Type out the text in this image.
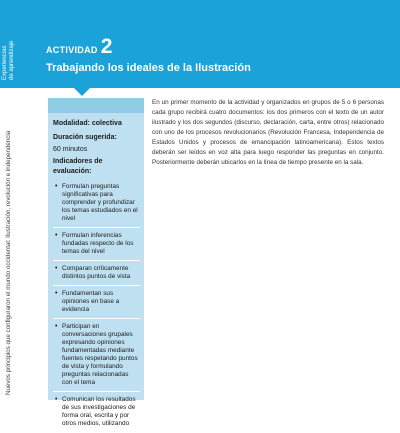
Experiencias de aprendizaje
Nuevos principios que configuraron el mundo occidental: Ilustración, revolución e independencia
ACTIVIDAD 2
Trabajando los ideales de la Ilustración
Modalidad: colectiva
Duración sugerida:
60 minutos
Indicadores de evaluación:
• Formulan preguntas significativas para comprender y profundizar los temas estudiados en el nivel
• Formulan inferencias fundadas respecto de los temas del nivel
• Comparan críticamente distintos puntos de vista
• Fundamentan sus opiniones en base a evidencia
• Participan en conversaciones grupales expresando opiniones fundamentadas mediante fuentes respetando puntos de vista y formulando preguntas relacionadas con el tema
• Comunican los resultados de sus investigaciones de forma oral, escrita y por otros medios, utilizando

En un primer momento de la actividad y organizados en grupos de 5 o 6 personas cada grupo recibirá cuatro documentos: los dos primeros con el texto de un autor ilustrado y los dos segundos (discurso, declaración, carta, entre otros) relacionado con uno de los procesos revolucionarios (Revolución Francesa, Independencia de Estados Unidos y procesos de emancipación latinoamericana). Estos textos deberán ser leídos en voz alta para luego responder las preguntas en conjunto. Posteriormente deberán ubicarlos en la línea de tiempo presente en la sala.
